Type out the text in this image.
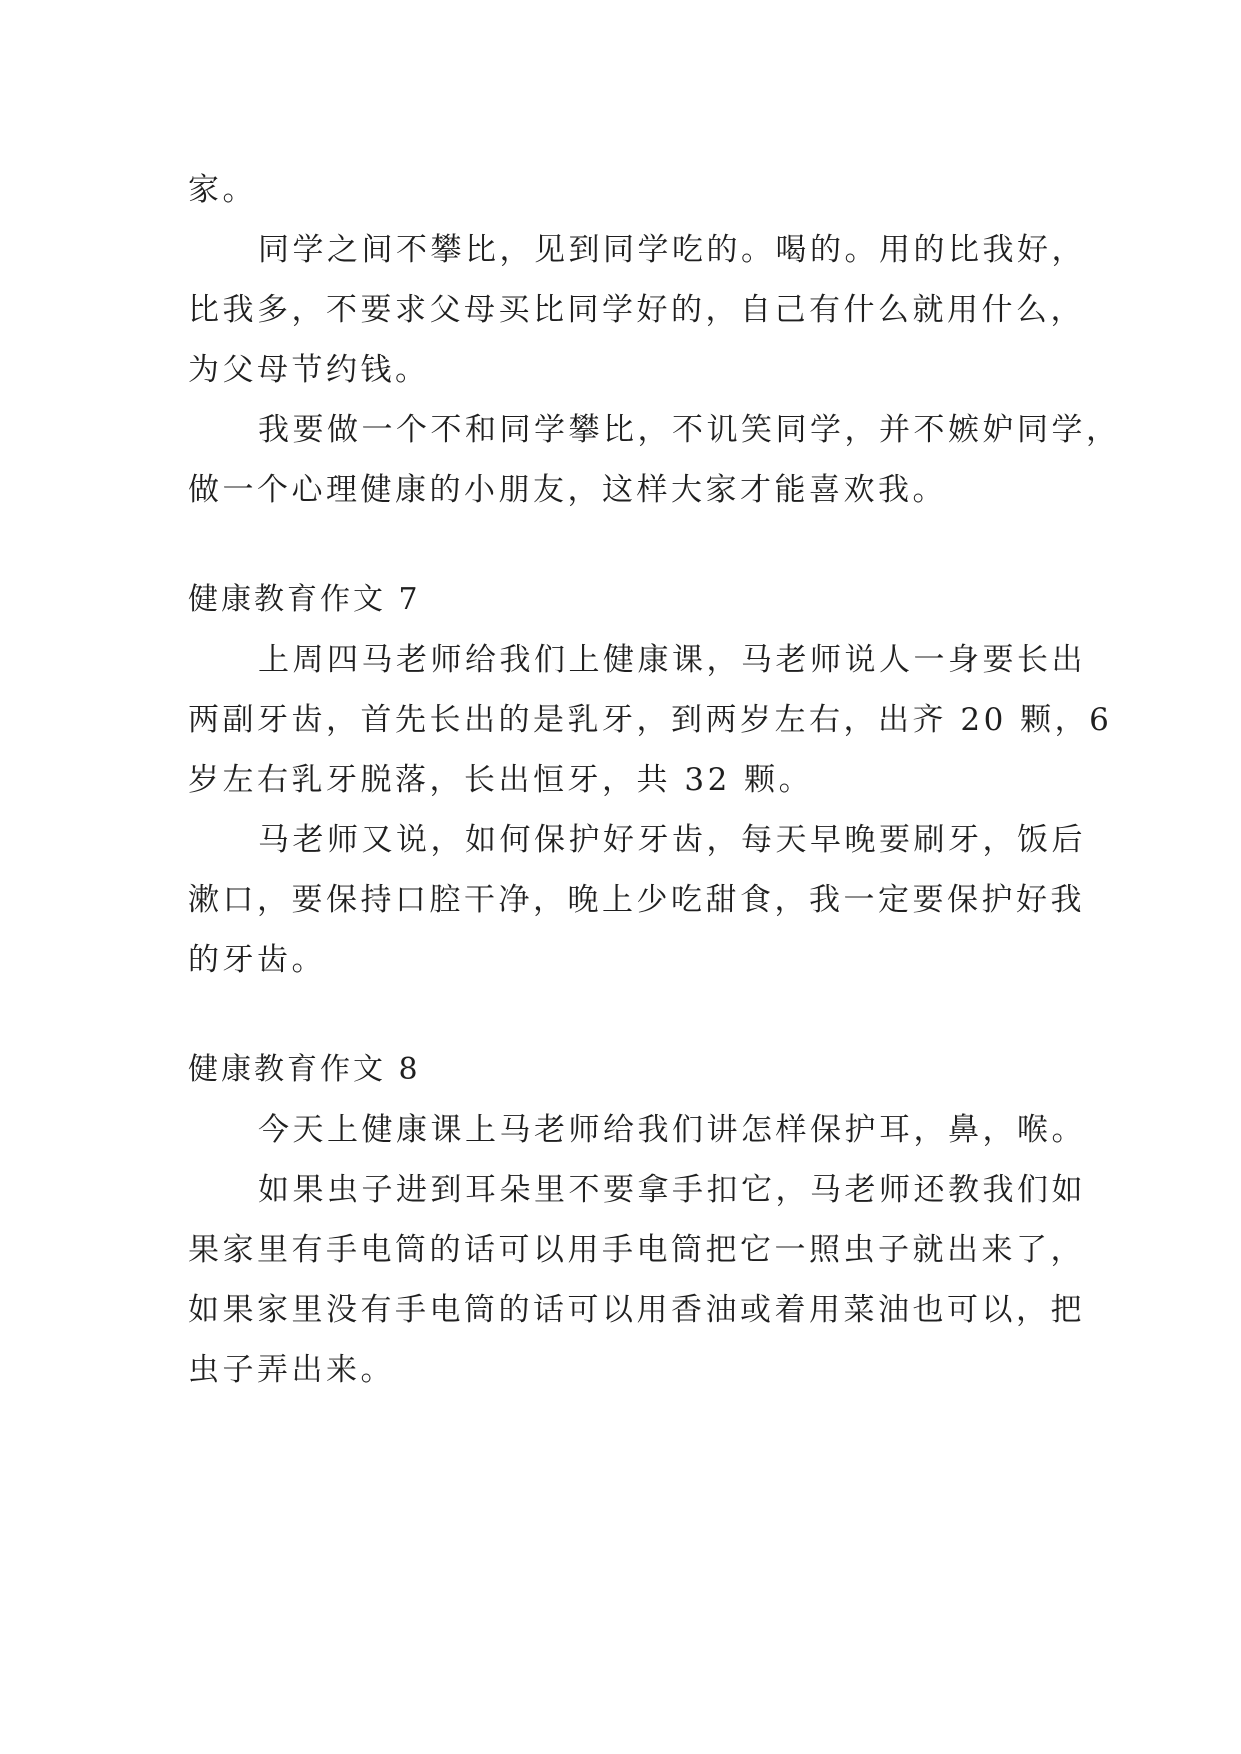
家。
同学之间不攀比，见到同学吃的。喝的。用的比我好，
比我多，不要求父母买比同学好的，自己有什么就用什么，
为父母节约钱。
我要做一个不和同学攀比，不讥笑同学，并不嫉妒同学，
做一个心理健康的小朋友，这样大家才能喜欢我。
健康教育作文 7
上周四马老师给我们上健康课，马老师说人一身要长出
两副牙齿，首先长出的是乳牙，到两岁左右，出齐 20 颗，6
岁左右乳牙脱落，长出恒牙，共 32 颗。
马老师又说，如何保护好牙齿，每天早晚要刷牙，饭后
漱口，要保持口腔干净，晚上少吃甜食，我一定要保护好我
的牙齿。
健康教育作文 8
今天上健康课上马老师给我们讲怎样保护耳，鼻，喉。
如果虫子进到耳朵里不要拿手扣它，马老师还教我们如
果家里有手电筒的话可以用手电筒把它一照虫子就出来了，
如果家里没有手电筒的话可以用香油或着用菜油也可以，把
虫子弄出来。
